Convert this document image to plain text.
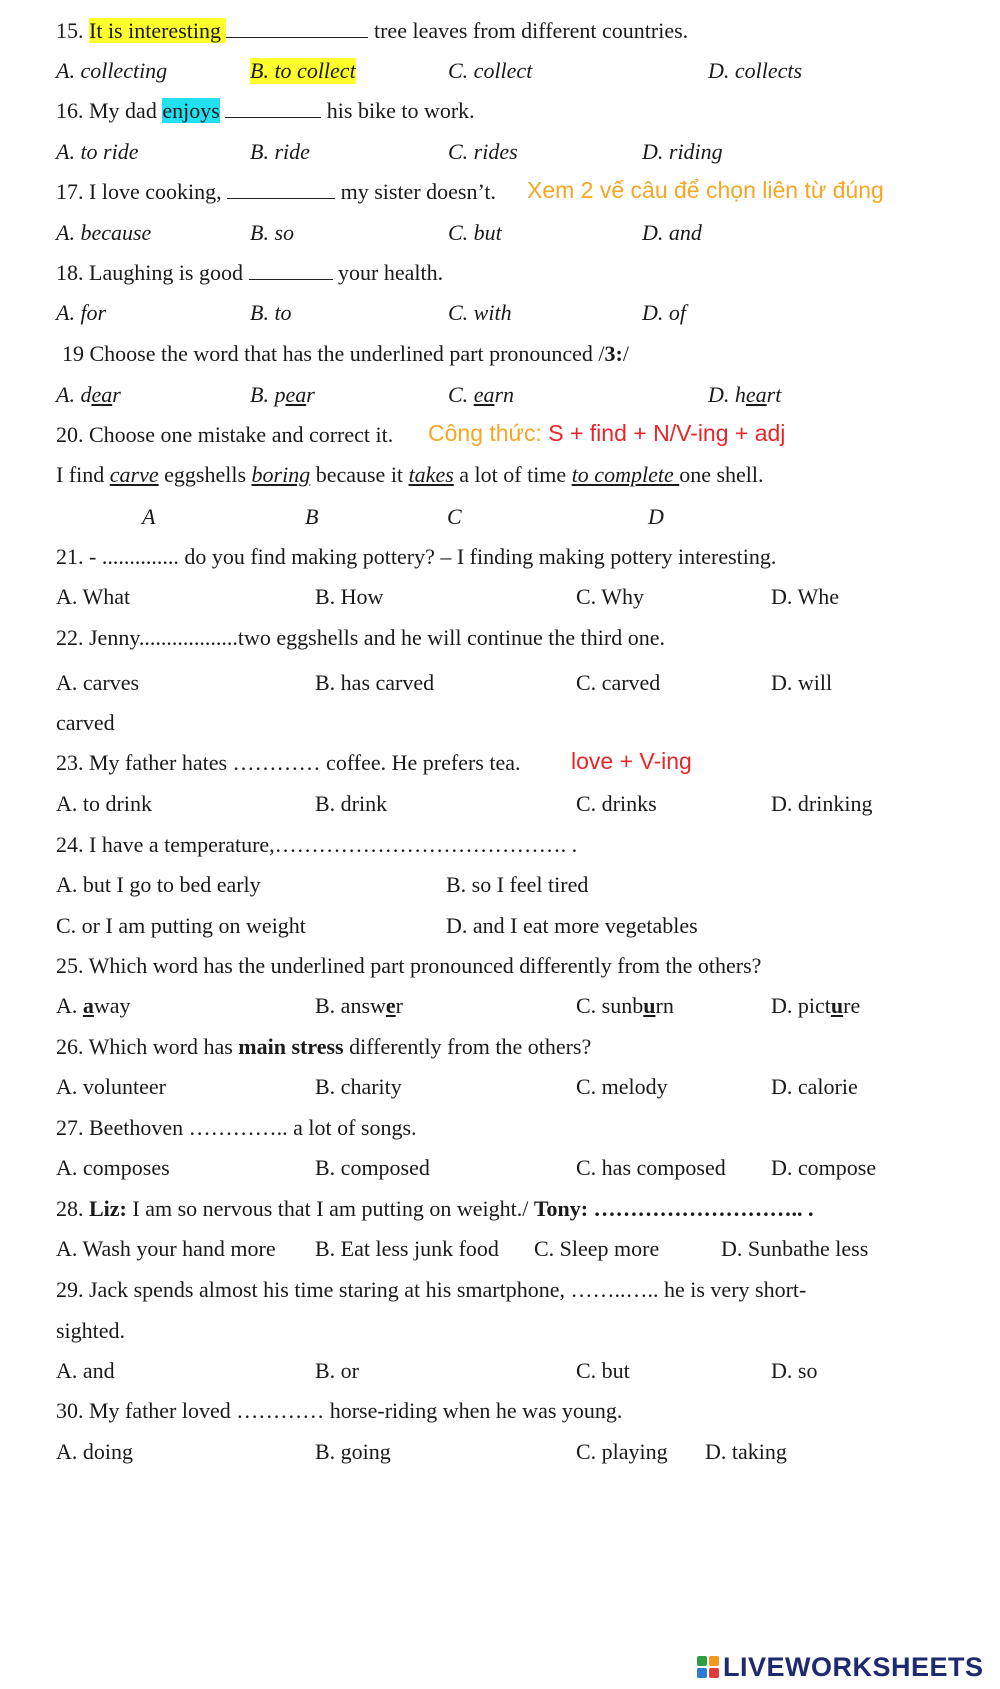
15. It is interesting	tree leaves from different countries.
A. collecting	B. to collect	C. collect	D. collects
16. My dad enjoys	his bike to work.
A. to ride	B. ride	C. rides	D. riding
17. I love cooking,	my sister doesn’t. Xem 2 vế câu để chọn liên từ đúng
A. because	B. so	C. but	D. and
18. Laughing is good	your health.
A. for	B. to	C. with	D. of
19 Choose the word that has the underlined part pronounced /3:/
A. dear	B. pear	C. earn	D. heart
20. Choose one mistake and correct it. Công thức: S + find + N/V-ing + adj
I find carve eggshells boring because it takes a lot of time to complete one shell.
A	B	C	D
21. - .............. do you find making pottery? – I finding making pottery interesting.
A. What	B. How	C. Why	D. Whe
22. Jenny..................two eggshells and he will continue the third one.
A. carves	B. has carved	C. carved	D. will
carved
23. My father hates ………… coffee. He prefers tea. love + V-ing
A. to drink	B. drink	C. drinks	D. drinking
24. I have a temperature,…………………………………. .
A. but I go to bed early	B. so I feel tired
C. or I am putting on weight	D. and I eat more vegetables
25. Which word has the underlined part pronounced differently from the others?
A. away	B. answer	C. sunburn	D. picture
26. Which word has main stress differently from the others?
A. volunteer	B. charity	C. melody	D. calorie
27. Beethoven ………….. a lot of songs.
A. composes	B. composed	C. has composed D. compose
28. Liz: I am so nervous that I am putting on weight./ Tony: ……………………….. .
A. Wash your hand more B. Eat less junk food C. Sleep more	D. Sunbathe less
29. Jack spends almost his time staring at his smartphone, ……..….. he is very short-
sighted.
A. and	B. or	C. but	D. so
30. My father loved ………… horse-riding when he was young.
A. doing	B. going	C. playing D. taking
LIVEWORKSHEETS
